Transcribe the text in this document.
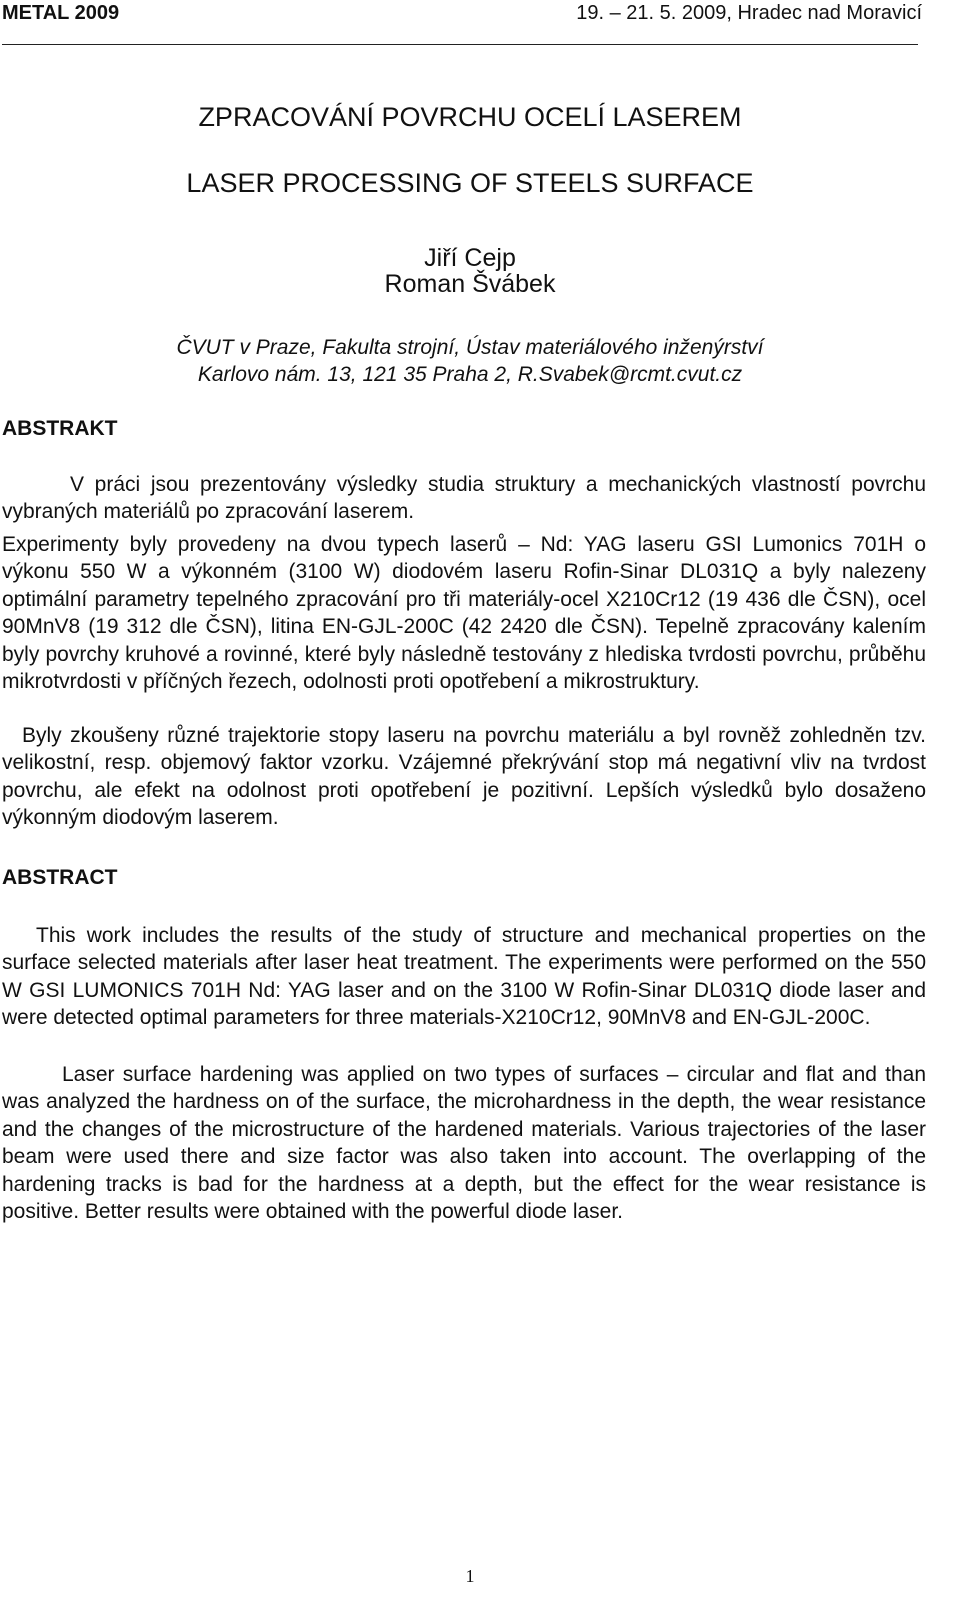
METAL 2009	19. – 21. 5. 2009, Hradec nad Moravicí
ZPRACOVÁNÍ POVRCHU OCELÍ LASEREM
LASER PROCESSING OF STEELS SURFACE
Jiří Cejp
Roman Švábek
ČVUT v Praze, Fakulta strojní, Ústav materiálového inženýrství
Karlovo nám. 13, 121 35 Praha 2, R.Svabek@rcmt.cvut.cz
ABSTRAKT

V práci jsou prezentovány výsledky studia struktury a mechanických vlastností povrchu vybraných materiálů po zpracování laserem.

Experimenty byly provedeny na dvou typech laserů – Nd: YAG laseru GSI Lumonics 701H o výkonu 550 W a výkonném (3100 W) diodovém laseru Rofin-Sinar DL031Q a byly nalezeny optimální parametry tepelného zpracování pro tři materiály-ocel X210Cr12 (19 436 dle ČSN), ocel 90MnV8 (19 312 dle ČSN), litina EN-GJL-200C (42 2420 dle ČSN). Tepelně zpracovány kalením byly povrchy kruhové a rovinné, které byly následně testovány z hlediska tvrdosti povrchu, průběhu mikrotvrdosti v příčných řezech, odolnosti proti opotřebení a mikrostruktury.

Byly zkoušeny různé trajektorie stopy laseru na povrchu materiálu a byl rovněž zohledněn tzv. velikostní, resp. objemový faktor vzorku. Vzájemné překrývání stop má negativní vliv na tvrdost povrchu, ale efekt na odolnost proti opotřebení je pozitivní. Lepších výsledků bylo dosaženo výkonným diodovým laserem.

ABSTRACT

This work includes the results of the study of structure and mechanical properties on the surface selected materials after laser heat treatment. The experiments were performed on the 550 W GSI LUMONICS 701H Nd: YAG laser and on the 3100 W Rofin-Sinar DL031Q diode laser and were detected optimal parameters for three materials-X210Cr12, 90MnV8 and EN-GJL-200C.

Laser surface hardening was applied on two types of surfaces – circular and flat and than was analyzed the hardness on of the surface, the microhardness in the depth, the wear resistance and the changes of the microstructure of the hardened materials. Various trajectories of the laser beam were used there and size factor was also taken into account. The overlapping of the hardening tracks is bad for the hardness at a depth, but the effect for the wear resistance is positive. Better results were obtained with the powerful diode laser.

1
